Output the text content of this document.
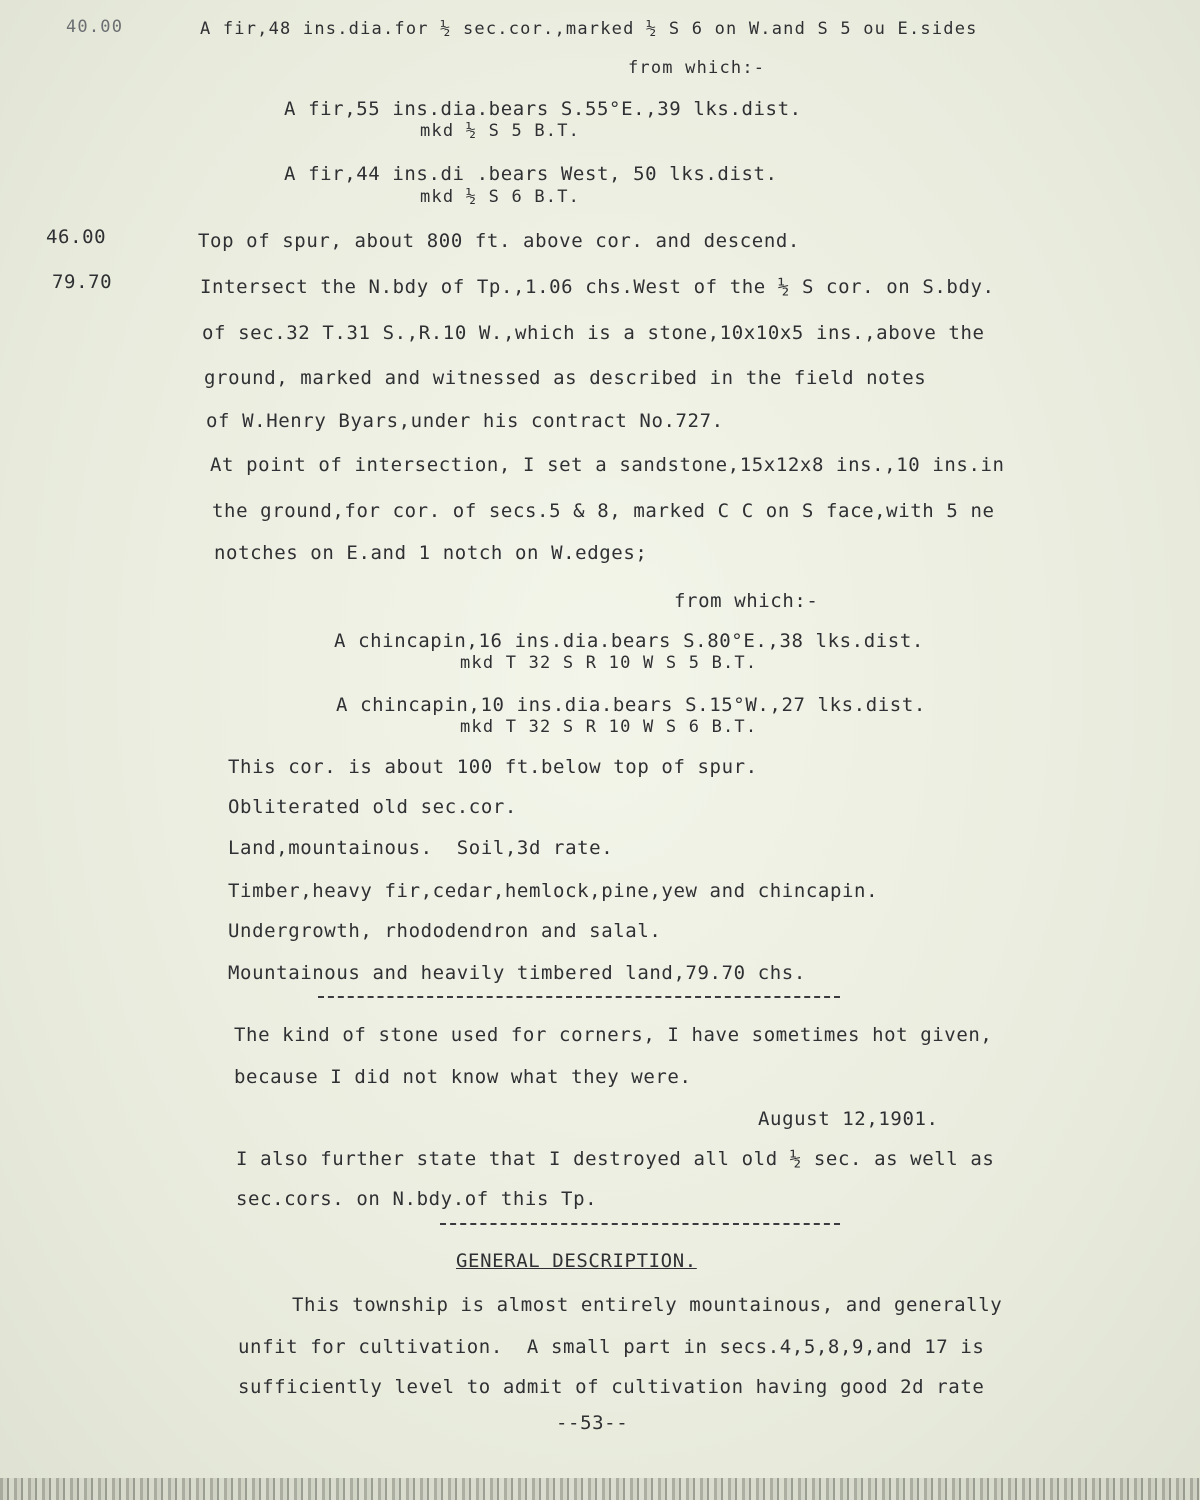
40.00	A fir,48 ins.dia.for ½ sec.cor.,marked ½ S 6 on W.and S 5 ou E.sides
from which:-
A fir,55 ins.dia.bears S.55°E.,39 lks.dist.
mkd ½ S 5 B.T.
A fir,44 ins.di .bears West, 50 lks.dist.
mkd ½ S 6 B.T.
46.00	Top of spur, about 800 ft. above cor. and descend.
79.70	Intersect the N.bdy of Tp.,1.06 chs.West of the ½ S cor. on S.bdy.
of sec.32 T.31 S.,R.10 W.,which is a stone,10x10x5 ins.,above the
ground, marked and witnessed as described in the field notes
of W.Henry Byars,under his contract No.727.
At point of intersection, I set a sandstone,15x12x8 ins.,10 ins.in
the ground,for cor. of secs.5 & 8, marked C C on S face,with 5 ne
notches on E.and 1 notch on W.edges;
from which:-
A chincapin,16 ins.dia.bears S.80°E.,38 lks.dist.
mkd T 32 S R 10 W S 5 B.T.
A chincapin,10 ins.dia.bears S.15°W.,27 lks.dist.
mkd T 32 S R 10 W S 6 B.T.
This cor. is about 100 ft.below top of spur.
Obliterated old sec.cor.
Land,mountainous.  Soil,3d rate.
Timber,heavy fir,cedar,hemlock,pine,yew and chincapin.
Undergrowth, rhododendron and salal.
Mountainous and heavily timbered land,79.70 chs.
The kind of stone used for corners, I have sometimes hot given,
because I did not know what they were.
August 12,1901.
I also further state that I destroyed all old ½ sec. as well as
sec.cors. on N.bdy.of this Tp.
GENERAL DESCRIPTION.
This township is almost entirely mountainous, and generally
unfit for cultivation.  A small part in secs.4,5,8,9,and 17 is
sufficiently level to admit of cultivation having good 2d rate
--53--
